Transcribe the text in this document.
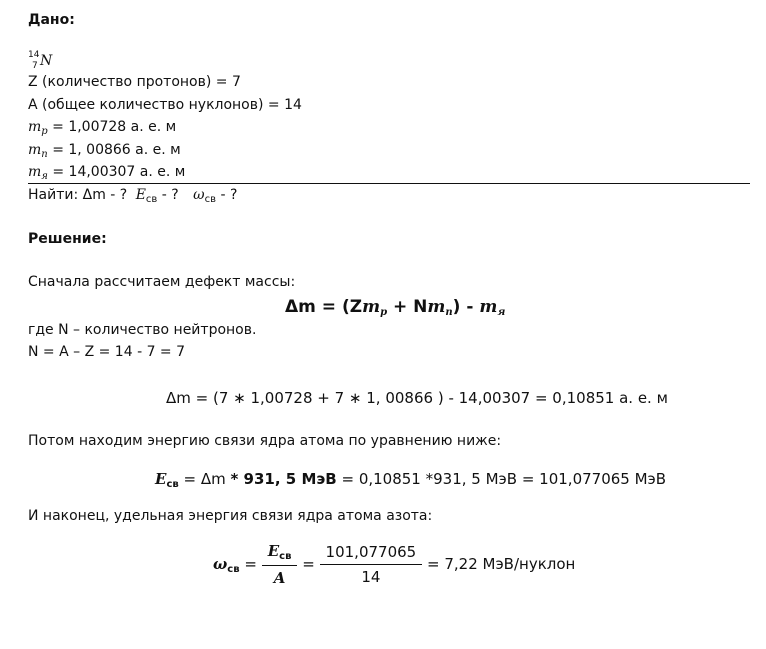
Дано:
14
7 N
Z (количество протонов) = 7
A (общее количество нуклонов) = 14
$m_p = 1,00728$ а. е. м
$m_n = 1$, 00866 а. е. м
$m_я = 14,00307$ а. е. м
Найти: Δm - ? $E_{св}$ - ? $\omega_{св}$ - ?
Решение:
Сначала рассчитаем дефект массы:
$\Delta m = (Zm_p + Nm_n) - m_я$
где N – количество нейтронов.
N = A – Z = 14 - 7 = 7
Δm = (7 ∗ 1,00728 + 7 ∗ 1, 00866 ) - 14,00307 = 0,10851 а. е. м
Потом находим энергию связи ядра атома по уравнению ниже:
$E_{св} = \Delta m * 931$, 5 МэВ = 0,10851 *931, 5 МэВ = 101,077065 МэВ
И наконец, удельная энергия связи ядра атома азота:
$\omega_{св} = \frac{E_{св}}{A} = \frac{101,077065}{14} = 7,22$ МэВ/нуклон
